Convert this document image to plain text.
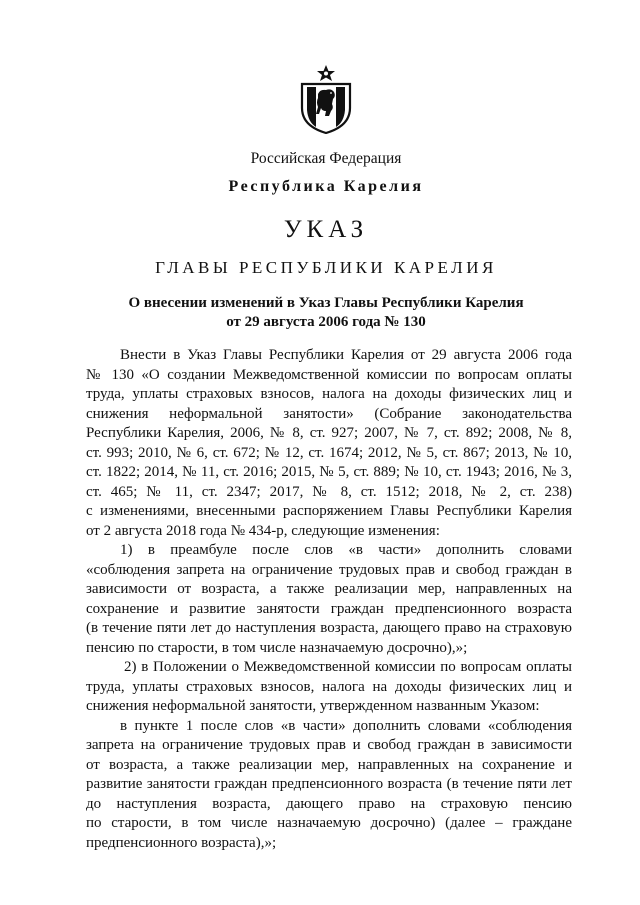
Российская Федерация
Республика Карелия
УКАЗ
ГЛАВЫ РЕСПУБЛИКИ КАРЕЛИЯ
О внесении изменений в Указ Главы Республики Карелия
от 29 августа 2006 года № 130
Внести в Указ Главы Республики Карелия от 29 августа 2006 года
№ 130 «О создании Межведомственной комиссии по вопросам оплаты
труда, уплаты страховых взносов, налога на доходы физических лиц и
снижения неформальной занятости» (Собрание законодательства
Республики Карелия, 2006, № 8, ст. 927; 2007, № 7, ст. 892; 2008, № 8,
ст. 993; 2010, № 6, ст. 672; № 12, ст. 1674; 2012, № 5, ст. 867; 2013, № 10,
ст. 1822; 2014, № 11, ст. 2016; 2015, № 5, ст. 889; № 10, ст. 1943; 2016, № 3,
ст. 465; № 11, ст. 2347; 2017, № 8, ст. 1512; 2018, № 2, ст. 238)
с изменениями, внесенными распоряжением Главы Республики Карелия
от 2 августа 2018 года № 434-р, следующие изменения:
1) в преамбуле после слов «в части» дополнить словами
«соблюдения запрета на ограничение трудовых прав и свобод граждан в
зависимости от возраста, а также реализации мер, направленных на
сохранение и развитие занятости граждан предпенсионного возраста
(в течение пяти лет до наступления возраста, дающего право на страховую
пенсию по старости, в том числе назначаемую досрочно),»;
2) в Положении о Межведомственной комиссии по вопросам оплаты
труда, уплаты страховых взносов, налога на доходы физических лиц и
снижения неформальной занятости, утвержденном названным Указом:
в пункте 1 после слов «в части» дополнить словами «соблюдения
запрета на ограничение трудовых прав и свобод граждан в зависимости
от возраста, а также реализации мер, направленных на сохранение и
развитие занятости граждан предпенсионного возраста (в течение пяти лет
до наступления возраста, дающего право на страховую пенсию
по старости, в том числе назначаемую досрочно) (далее – граждане
предпенсионного возраста),»;
